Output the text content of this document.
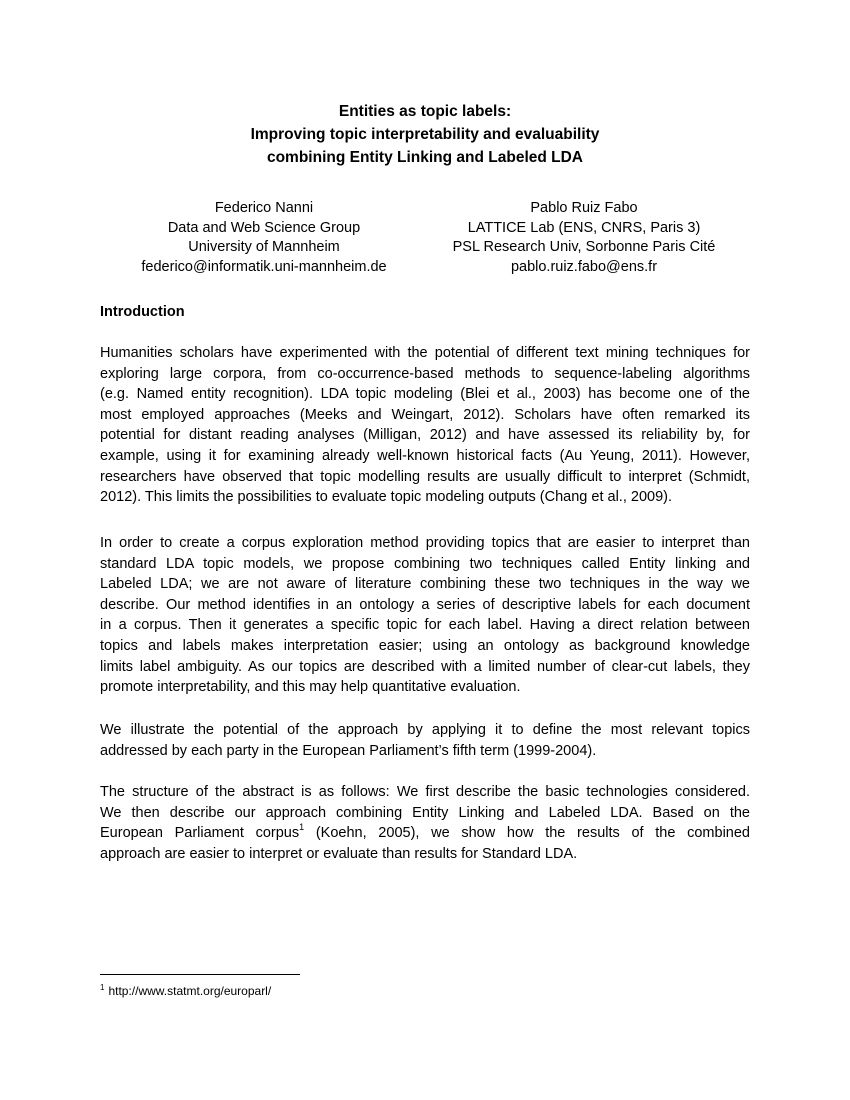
Entities as topic labels:
Improving topic interpretability and evaluability
combining Entity Linking and Labeled LDA
Federico Nanni
Data and Web Science Group
University of Mannheim
federico@informatik.uni-mannheim.de
Pablo Ruiz Fabo
LATTICE Lab (ENS, CNRS, Paris 3)
PSL Research Univ, Sorbonne Paris Cité
pablo.ruiz.fabo@ens.fr
Introduction

Humanities scholars have experimented with the potential of different text mining techniques for
exploring large corpora, from co-occurrence-based methods to sequence-labeling algorithms
(e.g. Named entity recognition). LDA topic modeling (Blei et al., 2003) has become one of the
most employed approaches (Meeks and Weingart, 2012). Scholars have often remarked its
potential for distant reading analyses (Milligan, 2012) and have assessed its reliability by, for
example, using it for examining already well-known historical facts (Au Yeung, 2011). However,
researchers have observed that topic modelling results are usually difficult to interpret (Schmidt,
2012). This limits the possibilities to evaluate topic modeling outputs (Chang et al., 2009).

In order to create a corpus exploration method providing topics that are easier to interpret than
standard LDA topic models, we propose combining two techniques called Entity linking and
Labeled LDA; we are not aware of literature combining these two techniques in the way we
describe. Our method identifies in an ontology a series of descriptive labels for each document
in a corpus. Then it generates a specific topic for each label. Having a direct relation between
topics and labels makes interpretation easier; using an ontology as background knowledge
limits label ambiguity. As our topics are described with a limited number of clear-cut labels, they
promote interpretability, and this may help quantitative evaluation.

We illustrate the potential of the approach by applying it to define the most relevant topics
addressed by each party in the European Parliament’s fifth term (1999-2004).

The structure of the abstract is as follows: We first describe the basic technologies considered.
We then describe our approach combining Entity Linking and Labeled LDA. Based on the
European Parliament corpus$^1$ (Koehn, 2005), we show how the results of the combined
approach are easier to interpret or evaluate than results for Standard LDA.

$^1$ http://www.statmt.org/europarl/
